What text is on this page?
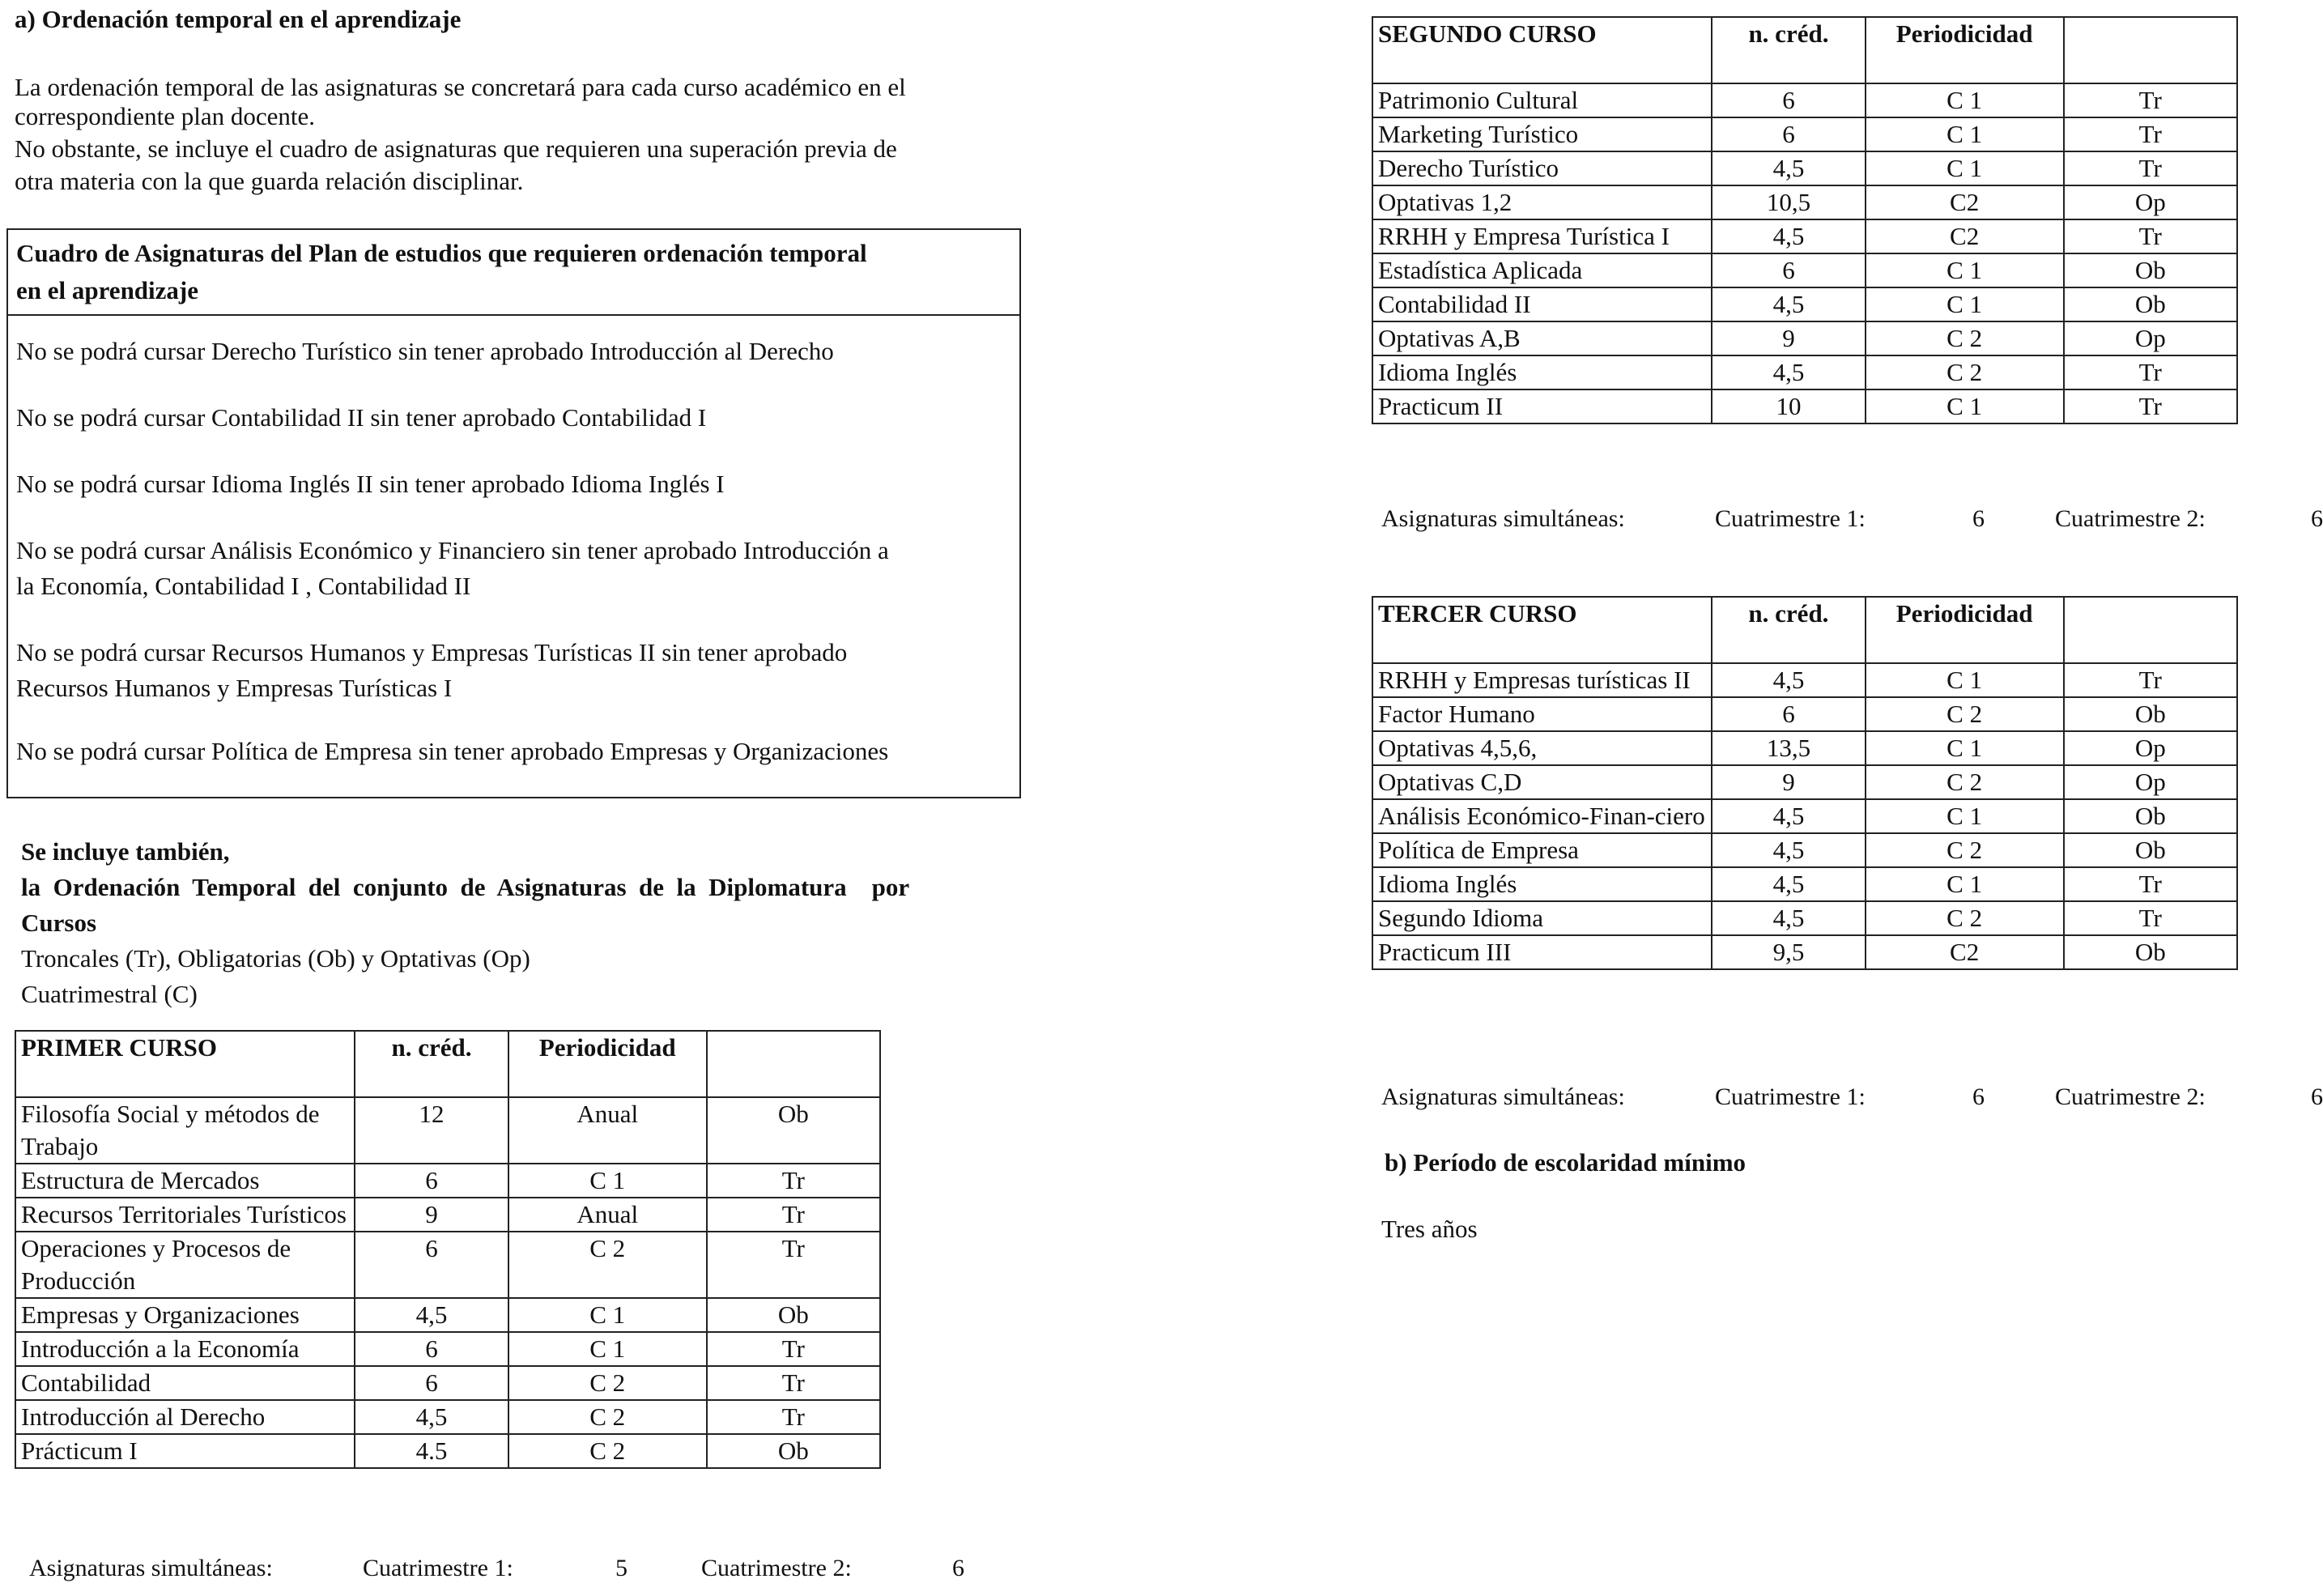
a) Ordenación temporal en el aprendizaje
La ordenación temporal de las asignaturas se concretará para cada curso académico en el
correspondiente plan docente.
No obstante, se incluye el cuadro de asignaturas que requieren una superación previa de
otra materia con la que guarda relación disciplinar.
Cuadro de Asignaturas del Plan de estudios que requieren ordenación temporal
en el aprendizaje
No se podrá cursar Derecho Turístico sin tener aprobado Introducción al Derecho
No se podrá cursar Contabilidad II sin tener aprobado Contabilidad I
No se podrá cursar Idioma Inglés II sin tener aprobado Idioma Inglés I
No se podrá cursar Análisis Económico y Financiero sin tener aprobado Introducción a
la Economía, Contabilidad I , Contabilidad II
No se podrá cursar Recursos Humanos y Empresas Turísticas II sin tener aprobado
Recursos Humanos y Empresas Turísticas I
No se podrá cursar Política de Empresa sin tener aprobado Empresas y Organizaciones
Se incluye también,
la  Ordenación  Temporal  del  conjunto  de  Asignaturas  de  la  Diplomatura    por
Cursos
Troncales (Tr), Obligatorias (Ob) y Optativas (Op)
Cuatrimestral (C)
PRIMER CURSO	n. créd.	Periodicidad	
Filosofía Social y métodos de Trabajo	12	Anual	Ob
Estructura de Mercados	6	C 1	Tr
Recursos Territoriales Turísticos	9	Anual	Tr
Operaciones y Procesos de Producción	6	C 2	Tr
Empresas y Organizaciones	4,5	C 1	Ob
Introducción a la Economía	6	C 1	Tr
Contabilidad	6	C 2	Tr
Introducción al Derecho	4,5	C 2	Tr
Prácticum I	4.5	C 2	Ob
Asignaturas simultáneas:	Cuatrimestre 1:	5	Cuatrimestre 2:	6
SEGUNDO CURSO	n. créd.	Periodicidad	
Patrimonio Cultural	6	C 1	Tr
Marketing Turístico	6	C 1	Tr
Derecho Turístico	4,5	C 1	Tr
Optativas 1,2	10,5	C2	Op
RRHH y Empresa Turística I	4,5	C2	Tr
Estadística Aplicada	6	C 1	Ob
Contabilidad II	4,5	C 1	Ob
Optativas A,B	9	C 2	Op
Idioma Inglés	4,5	C 2	Tr
Practicum II	10	C 1	Tr
Asignaturas simultáneas:	Cuatrimestre 1:	6	Cuatrimestre 2:	6
TERCER CURSO	n. créd.	Periodicidad	
RRHH y Empresas turísticas II	4,5	C 1	Tr
Factor Humano	6	C 2	Ob
Optativas 4,5,6,	13,5	C 1	Op
Optativas C,D	9	C 2	Op
Análisis Económico-Finan-ciero	4,5	C 1	Ob
Política de Empresa	4,5	C 2	Ob
Idioma Inglés	4,5	C 1	Tr
Segundo Idioma	4,5	C 2	Tr
Practicum III	9,5	C2	Ob
Asignaturas simultáneas:	Cuatrimestre 1:	6	Cuatrimestre 2:	6
b) Período de escolaridad mínimo
Tres años
